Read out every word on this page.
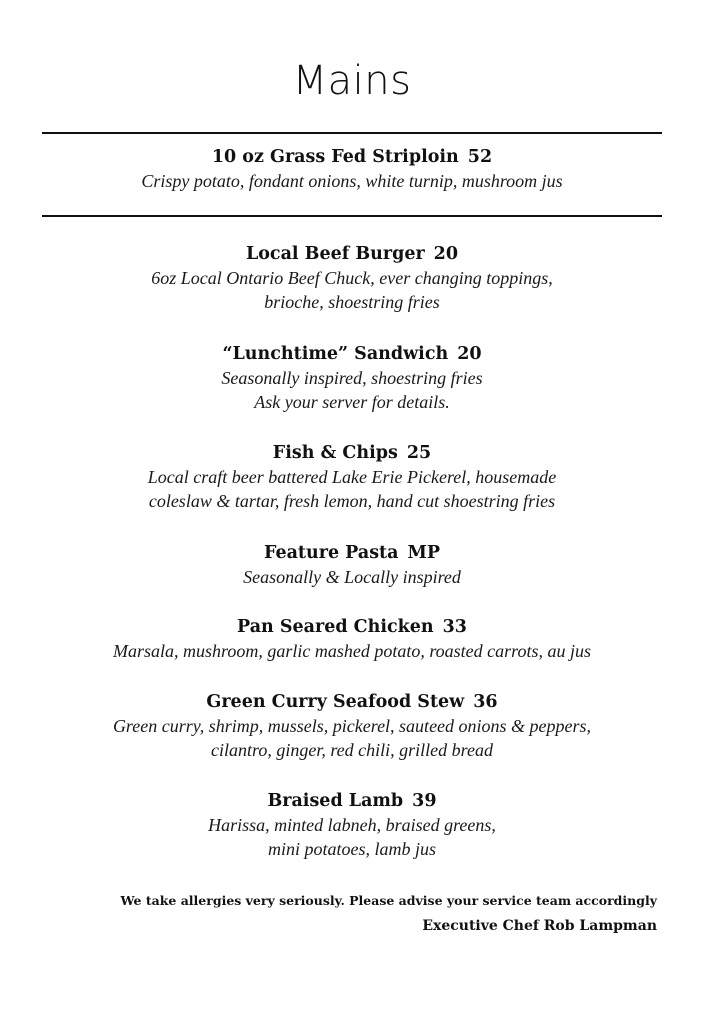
Mains
10 oz Grass Fed Striploin 52
Crispy potato, fondant onions, white turnip, mushroom jus
Local Beef Burger 20
6oz Local Ontario Beef Chuck, ever changing toppings,
brioche, shoestring fries
“Lunchtime” Sandwich 20
Seasonally inspired, shoestring fries
Ask your server for details.
Fish & Chips 25
Local craft beer battered Lake Erie Pickerel, housemade
coleslaw & tartar, fresh lemon, hand cut shoestring fries
Feature Pasta MP
Seasonally & Locally inspired
Pan Seared Chicken 33
Marsala, mushroom, garlic mashed potato, roasted carrots, au jus
Green Curry Seafood Stew 36
Green curry, shrimp, mussels, pickerel, sauteed onions & peppers,
cilantro, ginger, red chili, grilled bread
Braised Lamb 39
Harissa, minted labneh, braised greens,
mini potatoes, lamb jus
We take allergies very seriously. Please advise your service team accordingly
Executive Chef Rob Lampman
